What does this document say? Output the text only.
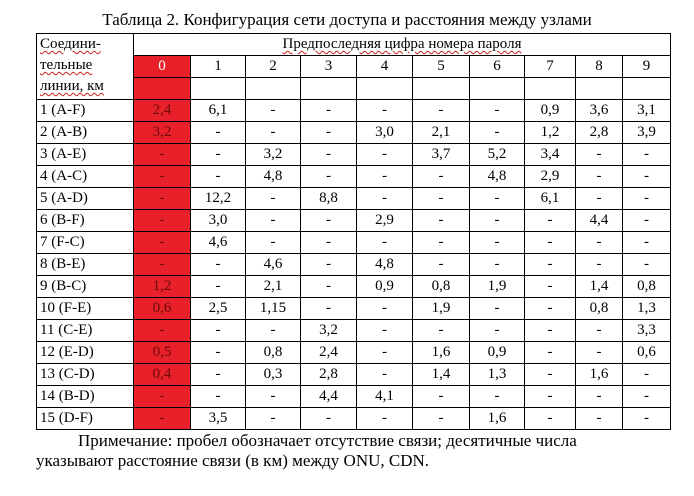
Таблица 2. Конфигурация сети доступа и расстояния между узлами
Соедини-
тельные
линии, км	Предпоследняя цифра номера пароля									
	0	1	2	3	4	5	6	7	8	9

1 (A-F)	2,4	6,1	-	-	-	-	-	0,9	3,6	3,1
2 (A-B)	3,2	-	-	-	3,0	2,1	-	1,2	2,8	3,9
3 (A-E)	-	-	3,2	-	-	3,7	5,2	3,4	-	-
4 (A-C)	-	-	4,8	-	-	-	4,8	2,9	-	-
5 (A-D)	-	12,2	-	8,8	-	-	-	6,1	-	-
6 (B-F)	-	3,0	-	-	2,9	-	-	-	4,4	-
7 (F-C)	-	4,6	-	-	-	-	-	-	-	-
8 (B-E)	-	-	4,6	-	4,8	-	-	-	-	-
9 (B-C)	1,2	-	2,1	-	0,9	0,8	1,9	-	1,4	0,8
10 (F-E)	0,6	2,5	1,15	-	-	1,9	-	-	0,8	1,3
11 (C-E)	-	-	-	3,2	-	-	-	-	-	3,3
12 (E-D)	0,5	-	0,8	2,4	-	1,6	0,9	-	-	0,6
13 (C-D)	0,4	-	0,3	2,8	-	1,4	1,3	-	1,6	-
14 (B-D)	-	-	-	4,4	4,1	-	-	-	-	-
15 (D-F)	-	3,5	-	-	-	-	1,6	-	-	-
Примечание: пробел обозначает отсутствие связи; десятичные числа
указывают расстояние связи (в км) между ONU, CDN.
